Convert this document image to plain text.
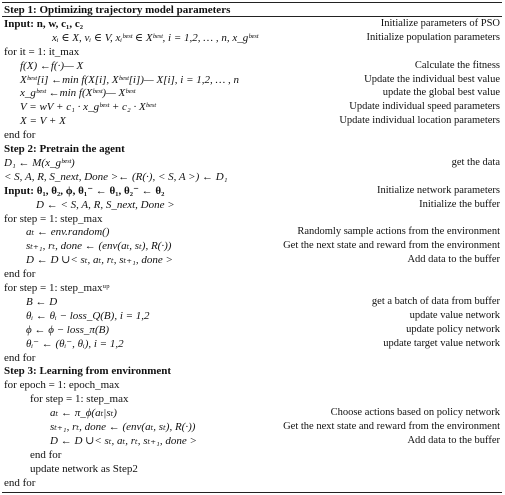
Step 1: Optimizing trajectory model parameters
Input: n, w, c₁, c₂	Initialize parameters of PSO
xᵢ ∈ X, vᵢ ∈ V, xᵢᵇᵉˢᵗ ∈ Xᵇᵉˢᵗ, i = 1,2, … , n, x_gᵇᵉˢᵗ	Initialize population parameters
for it = 1: it_max
f(X) ←f(·)— X	Calculate the fitness
Xᵇᵉˢᵗ[i] ←min f(X[i], Xᵇᵉˢᵗ[i])— X[i], i = 1,2, … , n	Update the individual best value
x_gᵇᵉˢᵗ ←min f(Xᵇᵉˢᵗ)— Xᵇᵉˢᵗ	update the global best value
V = wV + c₁ · x_gᵇᵉˢᵗ + c₂ · Xᵇᵉˢᵗ	Update individual speed parameters
X = V + X	Update individual location parameters
end for
Step 2: Pretrain the agent
D₁ ← M(x_gᵇᵉˢᵗ)	get the data
< S, A, R, S_next, Done >← (R(·), < S, A >) ← D₁
Input: θ₁, θ₂, ϕ, θ₁⁻ ← θ₁, θ₂⁻ ← θ₂	Initialize network parameters
D ← < S, A, R, S_next, Done >	Initialize the buffer
for step = 1: step_max
aₜ ← env.random()	Randomly sample actions from the environment
sₜ₊₁, rₜ, done ← (env(aₜ, sₜ), R(·))	Get the next state and reward from the environment
D ← D ∪< sₜ, aₜ, rₜ, sₜ₊₁, done >	Add data to the buffer
end for
for step = 1: step_maxᵘᵖ
B ← D	get a batch of data from buffer
θᵢ ← θᵢ − loss_Q(B), i = 1,2	update value network
ϕ ← ϕ − loss_π(B)	update policy network
θᵢ⁻ ← (θᵢ⁻, θᵢ), i = 1,2	update target value network
end for
Step 3: Learning from environment
for epoch = 1: epoch_max
for step = 1: step_max
aₜ ← π_ϕ(aₜ|sₜ)	Choose actions based on policy network
sₜ₊₁, rₜ, done ← (env(aₜ, sₜ), R(·))	Get the next state and reward from the environment
D ← D ∪< sₜ, aₜ, rₜ, sₜ₊₁, done >	Add data to the buffer
end for
update network as Step2
end for
